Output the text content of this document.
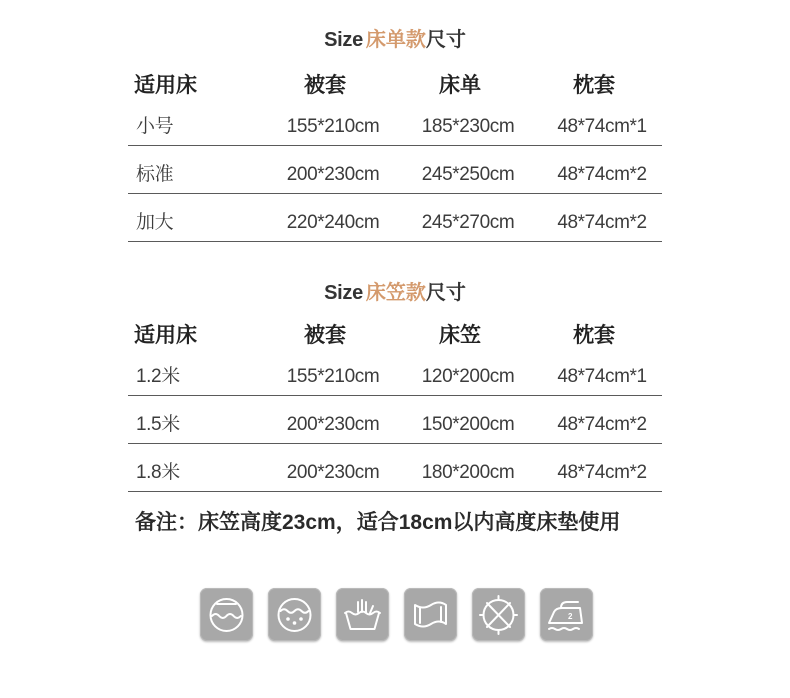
Size 床单款尺寸
适用床	被套	床单	枕套
小号	155*210cm	185*230cm	48*74cm*1
标准	200*230cm	245*250cm	48*74cm*2
加大	220*240cm	245*270cm	48*74cm*2
Size 床笠款尺寸
适用床	被套	床笠	枕套
1.2米	155*210cm	120*200cm	48*74cm*1
1.5米	200*230cm	150*200cm	48*74cm*2
1.8米	200*230cm	180*200cm	48*74cm*2
备注：床笠高度23cm，适合18cm以内高度床垫使用
2
